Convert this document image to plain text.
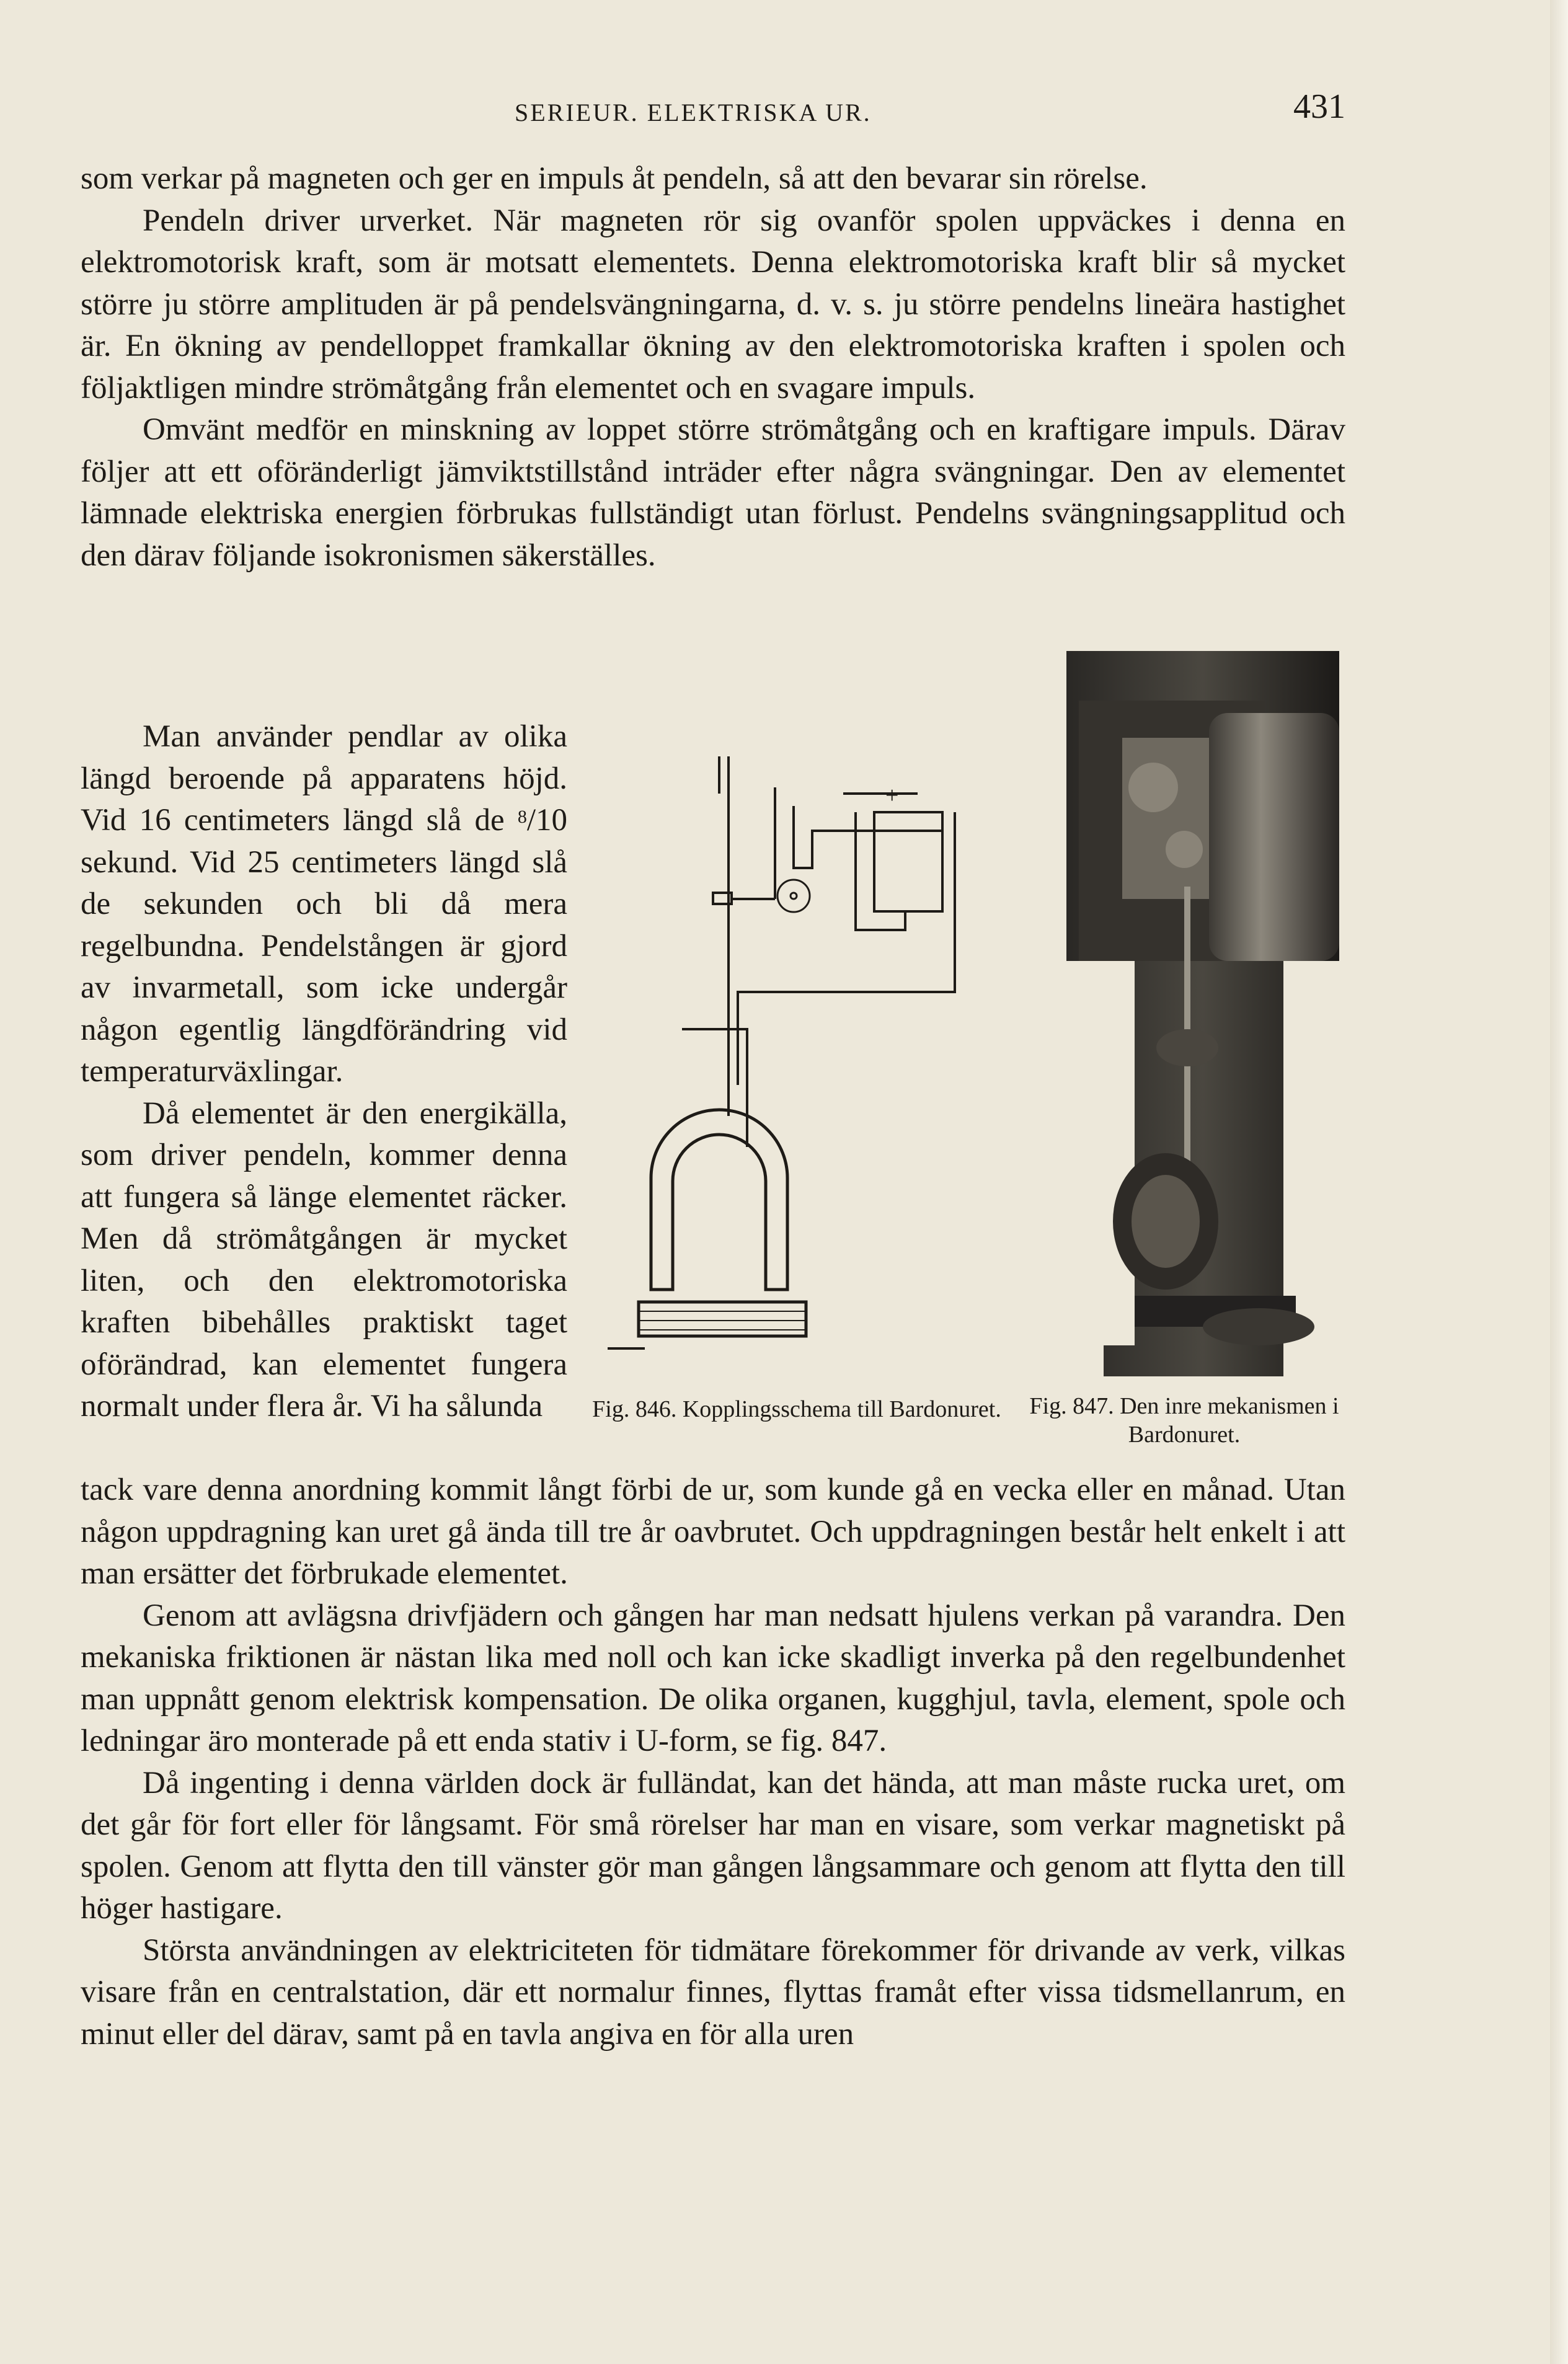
SERIEUR. ELEKTRISKA UR.	431

som verkar på magneten och ger en impuls åt pendeln, så att den bevarar sin rörelse.

Pendeln driver urverket. När magneten rör sig ovanför spolen uppväckes i denna en elektromotorisk kraft, som är motsatt elementets. Denna elektromotoriska kraft blir så mycket större ju större amplituden är på pendelsvängningarna, d. v. s. ju större pendelns lineära hastighet är. En ökning av pendelloppet framkallar ökning av den elektromotoriska kraften i spolen och följaktligen mindre strömåtgång från elementet och en svagare impuls.

Omvänt medför en minskning av loppet större strömåtgång och en kraftigare impuls. Därav följer att ett oföränderligt jämviktstillstånd inträder efter några svängningar. Den av elementet lämnade elektriska energien förbrukas fullständigt utan förlust. Pendelns svängningsapplitud och den därav följande isokronismen säkerställes.

Man använder pendlar av olika längd beroende på apparatens höjd. Vid 16 centimeters längd slå de $^8$/10 sekund. Vid 25 centimeters längd slå de sekunden och bli då mera regelbundna. Pendelstången är gjord av invarmetall, som icke undergår någon egentlig längdförändring vid temperaturväxlingar.

Då elementet är den energikälla, som driver pendeln, kommer denna att fungera så länge elementet räcker. Men då strömåtgången är mycket liten, och den elektromotoriska kraften bibehålles praktiskt taget oförändrad, kan elementet fungera normalt under flera år. Vi ha sålunda

+
Fig. 846. Kopplingsschema till Bardonuret.	Fig. 847. Den inre mekanismen i Bardonuret.

tack vare denna anordning kommit långt förbi de ur, som kunde gå en vecka eller en månad. Utan någon uppdragning kan uret gå ända till tre år oavbrutet. Och uppdragningen består helt enkelt i att man ersätter det förbrukade elementet.

Genom att avlägsna drivfjädern och gången har man nedsatt hjulens verkan på varandra. Den mekaniska friktionen är nästan lika med noll och kan icke skadligt inverka på den regelbundenhet man uppnått genom elektrisk kompensation. De olika organen, kugghjul, tavla, element, spole och ledningar äro monterade på ett enda stativ i U-form, se fig. 847.

Då ingenting i denna världen dock är fulländat, kan det hända, att man måste rucka uret, om det går för fort eller för långsamt. För små rörelser har man en visare, som verkar magnetiskt på spolen. Genom att flytta den till vänster gör man gången långsammare och genom att flytta den till höger hastigare.

Största användningen av elektriciteten för tidmätare förekommer för drivande av verk, vilkas visare från en centralstation, där ett normalur finnes, flyttas framåt efter vissa tidsmellanrum, en minut eller del därav, samt på en tavla angiva en för alla uren
